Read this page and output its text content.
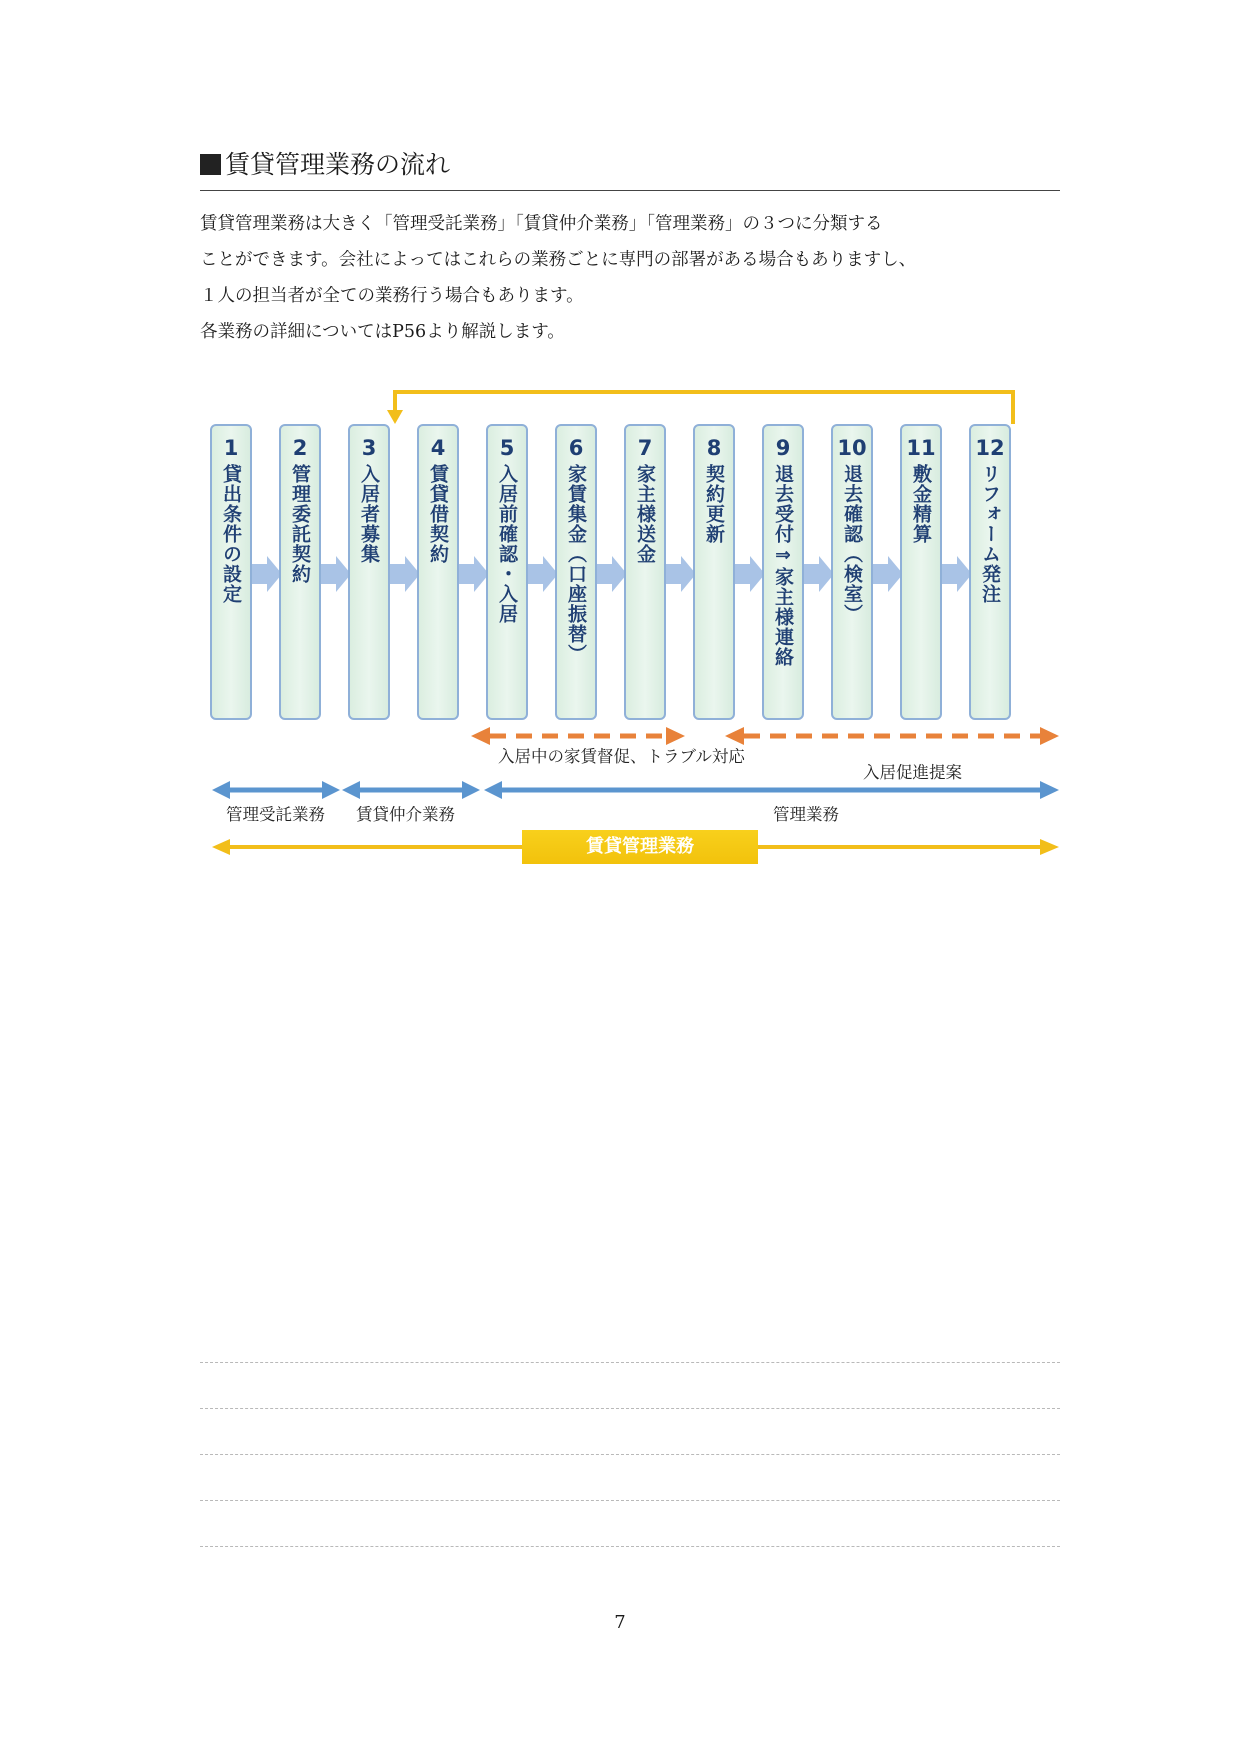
賃貸管理業務の流れ

賃貸管理業務は大きく「管理受託業務」「賃貸仲介業務」「管理業務」の３つに分類する

ことができます。会社によってはこれらの業務ごとに専門の部署がある場合もありますし、

１人の担当者が全ての業務行う場合もあります。

各業務の詳細についてはP56より解説します。

1
貸出条件の設定
2
管理委託契約
3
入居者募集
4
賃貸借契約
5
入居前確認・入居
6
家賃集金（口座振替）
7
家主様送金
8
契約更新
9
退去受付⇒家主様連絡
10
退去確認（検室）
11
敷金精算
12
リフォーム発注
入居中の家賃督促、トラブル対応
入居促進提案
管理受託業務 賃貸仲介業務	管理業務
賃貸管理業務
7
